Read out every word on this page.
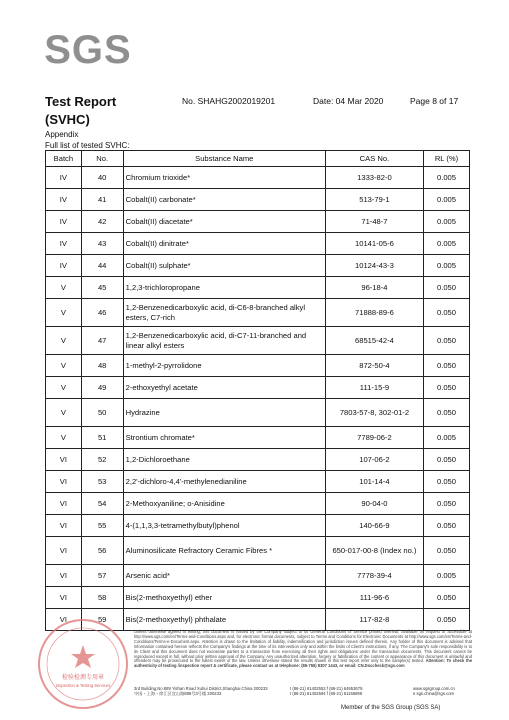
SGS
Test Report
(SVHC)
No. SHAHG2002019201	Date: 04 Mar 2020	Page 8 of 17
Appendix
Full list of tested SVHC:
Batch	No.	Substance Name	CAS No.	RL (%)
IV	40	Chromium trioxide*	1333-82-0	0.005
IV	41	Cobalt(II) carbonate*	513-79-1	0.005
IV	42	Cobalt(II) diacetate*	71-48-7	0.005
IV	43	Cobalt(II) dinitrate*	10141-05-6	0.005
IV	44	Cobalt(II) sulphate*	10124-43-3	0.005
V	45	1,2,3-trichloropropane	96-18-4	0.050
V	46	1,2-Benzenedicarboxylic acid, di-C6-8-branched alkyl esters, C7-rich	71888-89-6	0.050
V	47	1,2-Benzenedicarboxylic acid, di-C7-11-branched and linear alkyl esters	68515-42-4	0.050
V	48	1-methyl-2-pyrrolidone	872-50-4	0.050
V	49	2-ethoxyethyl acetate	111-15-9	0.050
V	50	Hydrazine	7803-57-8, 302-01-2	0.050
V	51	Strontium chromate*	7789-06-2	0.005
VI	52	1,2-Dichloroethane	107-06-2	0.050
VI	53	2,2'-dichloro-4,4'-methylenedianiline	101-14-4	0.050
VI	54	2-Methoxyaniline; o-Anisidine	90-04-0	0.050
VI	55	4-(1,1,3,3-tetramethylbutyl)phenol	140-66-9	0.050
VI	56	Aluminosilicate Refractory Ceramic Fibres *	650-017-00-8 (Index no.)	0.050
VI	57	Arsenic acid*	7778-39-4	0.005
VI	58	Bis(2-methoxyethyl) ether	111-96-6	0.050
VI	59	Bis(2-methoxyethyl) phthalate	117-82-8	0.050
检验检测专用章
Inspection & Testing Services
Unless otherwise agreed in writing, this document is issued by the Company subject to its General Conditions of Service printed overleaf, available on request or accessible at http://www.sgs.com/en/Terms-and-Conditions.aspx and, for electronic format documents, subject to Terms and Conditions for Electronic Documents at http://www.sgs.com/en/Terms-and-Conditions/Terms-e-Document.aspx. Attention is drawn to the limitation of liability, indemnification and jurisdiction issues defined therein. Any holder of this document is advised that information contained hereon reflects the Company's findings at the time of its intervention only and within the limits of Client's instructions, if any. The Company's sole responsibility is to its Client and this document does not exonerate parties to a transaction from exercising all their rights and obligations under the transaction documents. This document cannot be reproduced except in full, without prior written approval of the Company. Any unauthorized alteration, forgery or falsification of the content or appearance of this document is unlawful and offenders may be prosecuted to the fullest extent of the law. Unless otherwise stated the results shown in this test report refer only to the sample(s) tested. Attention: To check the authenticity of testing /inspection report & certificate, please contact us at telephone: (86-755) 8307 1443, or email: CN.Doccheck@sgs.com
3rd Building,No.889 Yishan Road Xuhui District,Shanghai China 200233
中国・上海・徐汇区宜山路889号3号楼 200233
t (86-21) 61402553 f (86-21) 64953679
t (86-21) 61402594 f (86-21) 61156899
www.sgsgroup.com.cn
e sgs.china@sgs.com
Member of the SGS Group (SGS SA)
